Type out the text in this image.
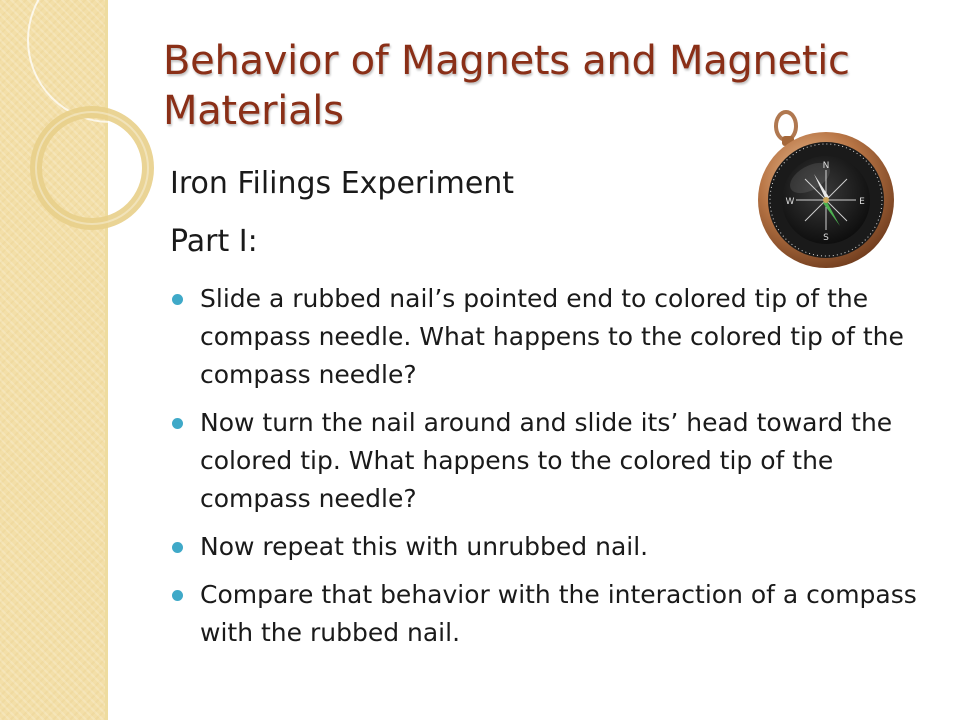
Behavior of Magnets and Magnetic Materials

Iron Filings Experiment

Part I:

Slide a rubbed nail’s pointed end to colored tip of the compass needle. What happens to the colored tip of the compass needle?
Now turn the nail around and slide its’ head toward the colored tip. What happens to the colored tip of the compass needle?
Now repeat this with unrubbed nail.
Compare that behavior with the interaction of a compass with the rubbed nail.
N
S
E
W
